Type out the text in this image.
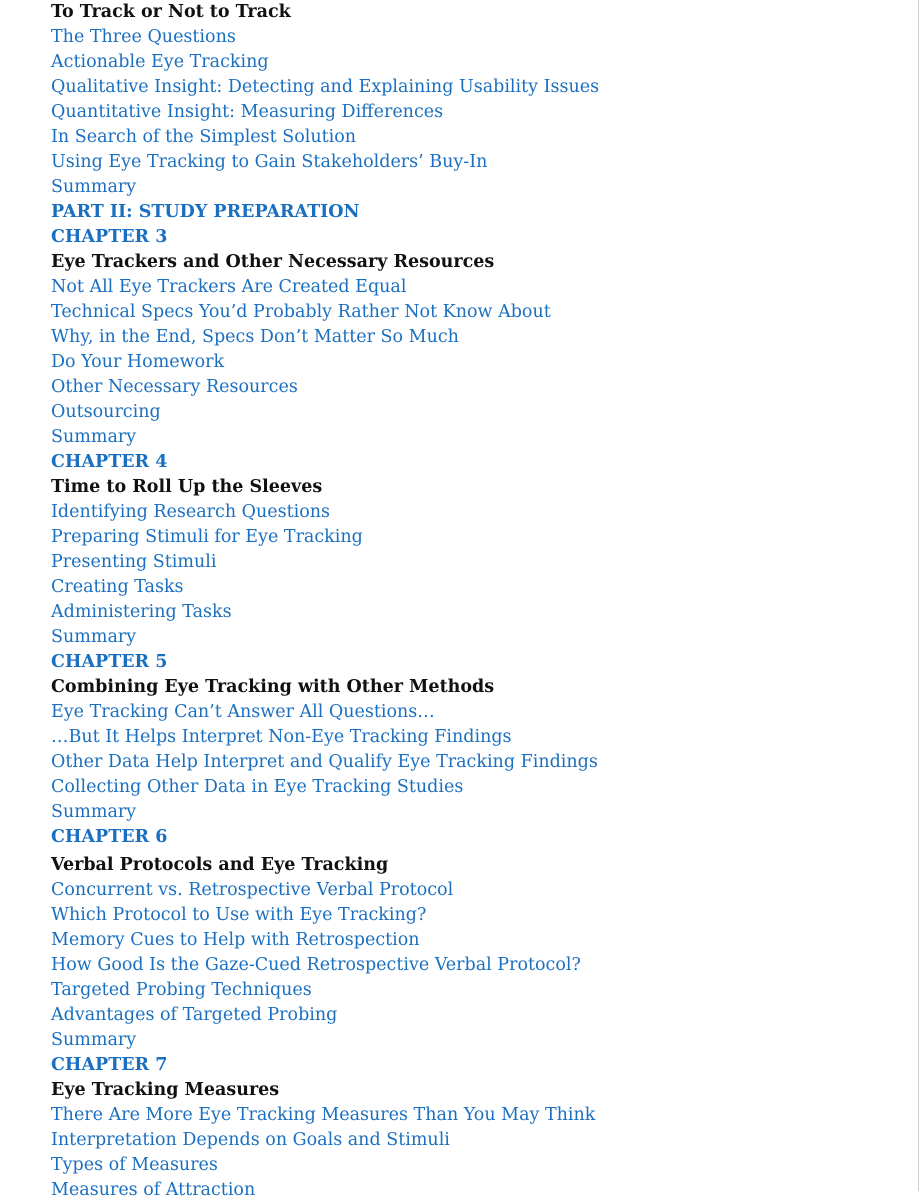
To Track or Not to Track
The Three Questions
Actionable Eye Tracking
Qualitative Insight: Detecting and Explaining Usability Issues
Quantitative Insight: Measuring Differences
In Search of the Simplest Solution
Using Eye Tracking to Gain Stakeholders’ Buy-In
Summary
PART II: STUDY PREPARATION
CHAPTER 3
Eye Trackers and Other Necessary Resources
Not All Eye Trackers Are Created Equal
Technical Specs You’d Probably Rather Not Know About
Why, in the End, Specs Don’t Matter So Much
Do Your Homework
Other Necessary Resources
Outsourcing
Summary
CHAPTER 4
Time to Roll Up the Sleeves
Identifying Research Questions
Preparing Stimuli for Eye Tracking
Presenting Stimuli
Creating Tasks
Administering Tasks
Summary
CHAPTER 5
Combining Eye Tracking with Other Methods
Eye Tracking Can’t Answer All Questions…
…But It Helps Interpret Non-Eye Tracking Findings
Other Data Help Interpret and Qualify Eye Tracking Findings
Collecting Other Data in Eye Tracking Studies
Summary
CHAPTER 6
Verbal Protocols and Eye Tracking
Concurrent vs. Retrospective Verbal Protocol
Which Protocol to Use with Eye Tracking?
Memory Cues to Help with Retrospection
How Good Is the Gaze-Cued Retrospective Verbal Protocol?
Targeted Probing Techniques
Advantages of Targeted Probing
Summary
CHAPTER 7
Eye Tracking Measures
There Are More Eye Tracking Measures Than You May Think
Interpretation Depends on Goals and Stimuli
Types of Measures
Measures of Attraction
